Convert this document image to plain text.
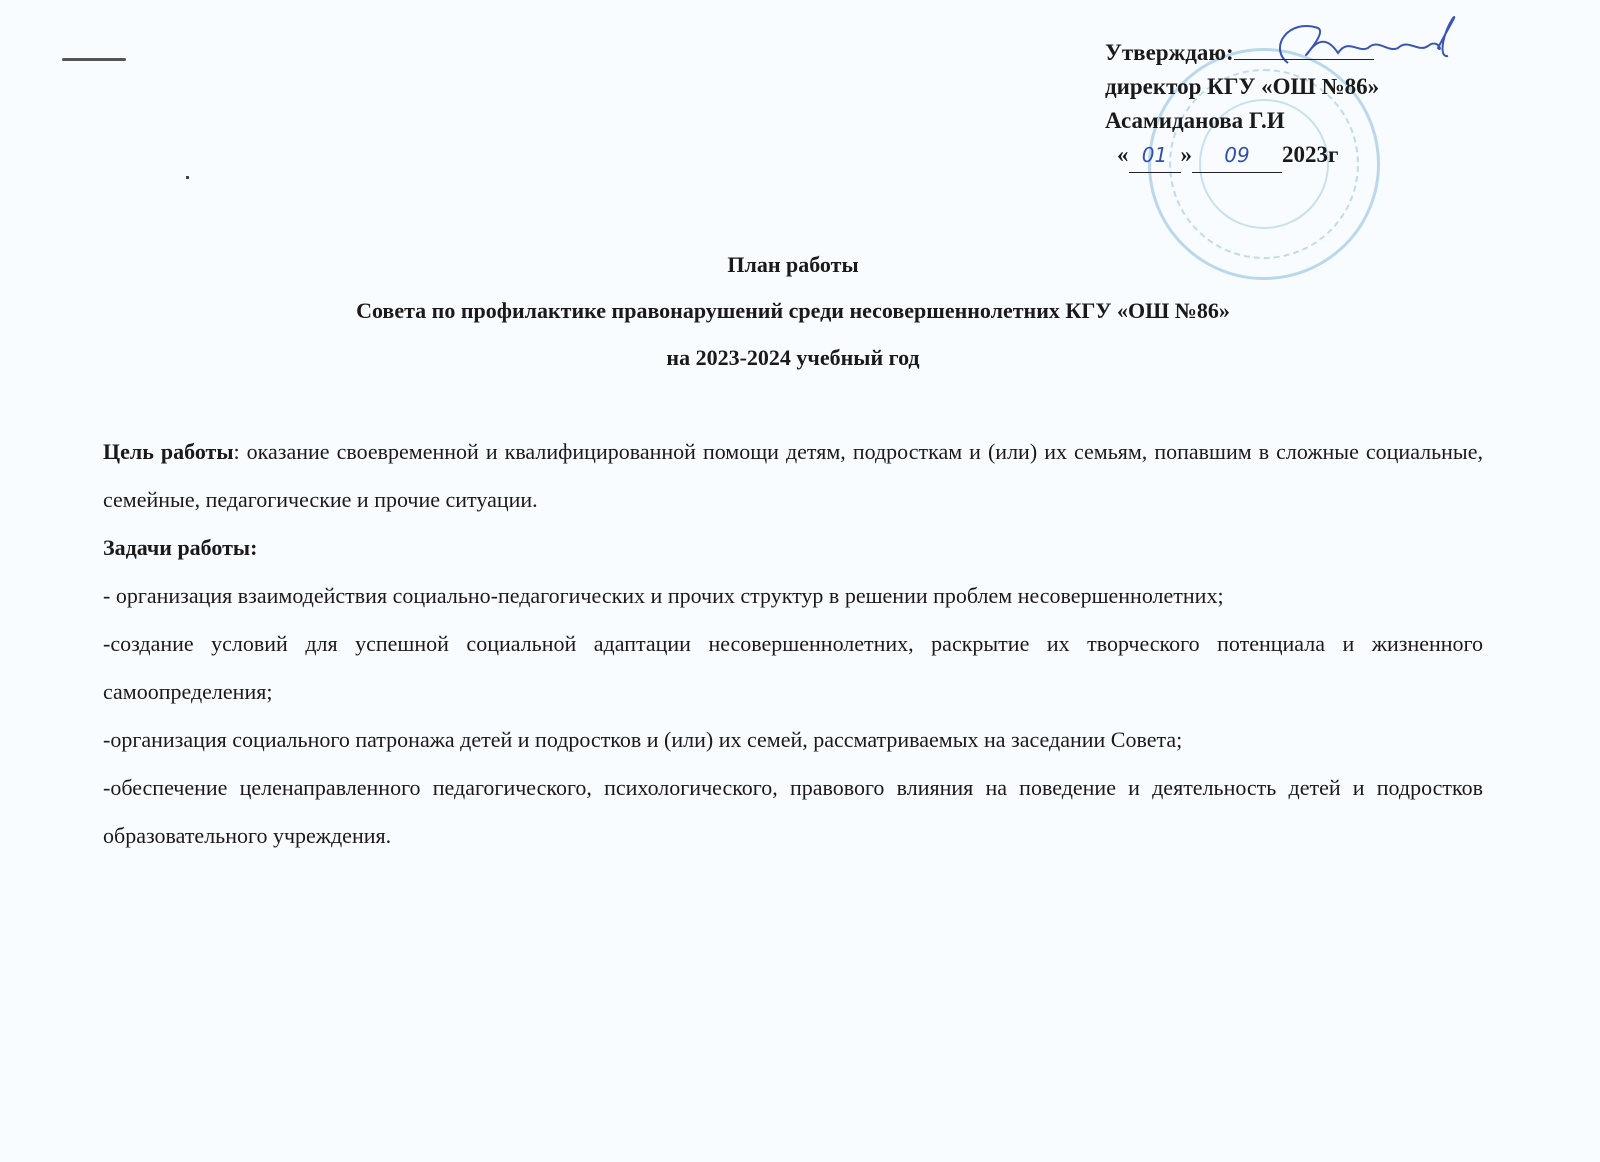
Утверждаю:
директор КГУ «ОШ №86»
Асамиданова Г.И
« 01 » 09 2023г
План работы
Совета по профилактике правонарушений среди несовершеннолетних КГУ «ОШ №86»
на 2023-2024 учебный год

Цель работы: оказание своевременной и квалифицированной помощи детям, подросткам и (или) их семьям, попавшим в сложные социальные, семейные, педагогические и прочие ситуации.

Задачи работы:

- организация взаимодействия социально-педагогических и прочих структур в решении проблем несовершеннолетних;

-создание условий для успешной социальной адаптации несовершеннолетних, раскрытие их творческого потенциала и жизненного самоопределения;

-организация социального патронажа детей и подростков и (или) их семей, рассматриваемых на заседании Совета;

-обеспечение целенаправленного педагогического, психологического, правового влияния на поведение и деятельность детей и подростков образовательного учреждения.
